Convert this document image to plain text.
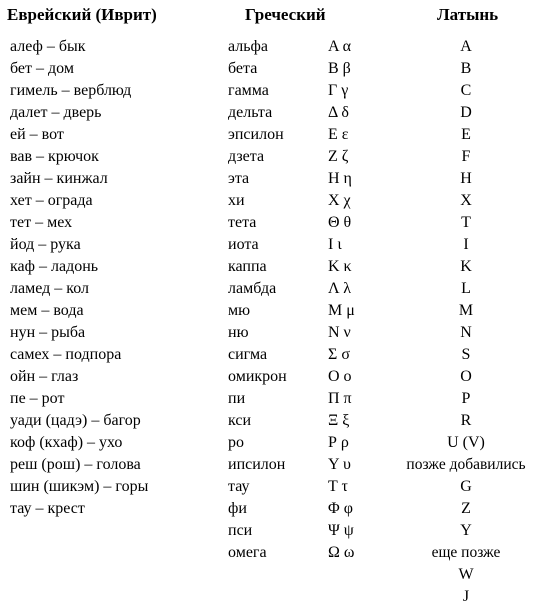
Еврейский (Иврит)	Греческий	Латынь
алеф – бык
бет – дом
гимель – верблюд
далет – дверь
ей – вот
вав – крючок
зайн – кинжал
хет – ограда
тет – мех
йод – рука
каф – ладонь
ламед – кол
мем – вода
нун – рыба
самех – подпора
ойн – глаз
пе – рот
уади (цадэ) – багор
коф (кхаф) – ухо
реш (рош) – голова
шин (шикэм) – горы
тау – крест
альфа
бета
гамма
дельта
эпсилон
дзета
эта
хи
тета
иота
каппа
ламбда
мю
ню
сигма
омикрон
пи
кси
ро
ипсилон
тау
фи
пси
омега
Α α
Β β
Γ γ
Δ δ
Ε ε
Ζ ζ
Η η
Χ χ
Θ θ
Ι ι
Κ κ
Λ λ
Μ μ
Ν ν
Σ σ
Ο ο
Π π
Ξ ξ
Ρ ρ
Υ υ
Τ τ
Φ φ
Ψ ψ
Ω ω
A
B
C
D
E
F
H
X
T
I
K
L
M
N
S
O
P
R
U (V)
позже добавились
G
Z
Y
еще позже
W
J
